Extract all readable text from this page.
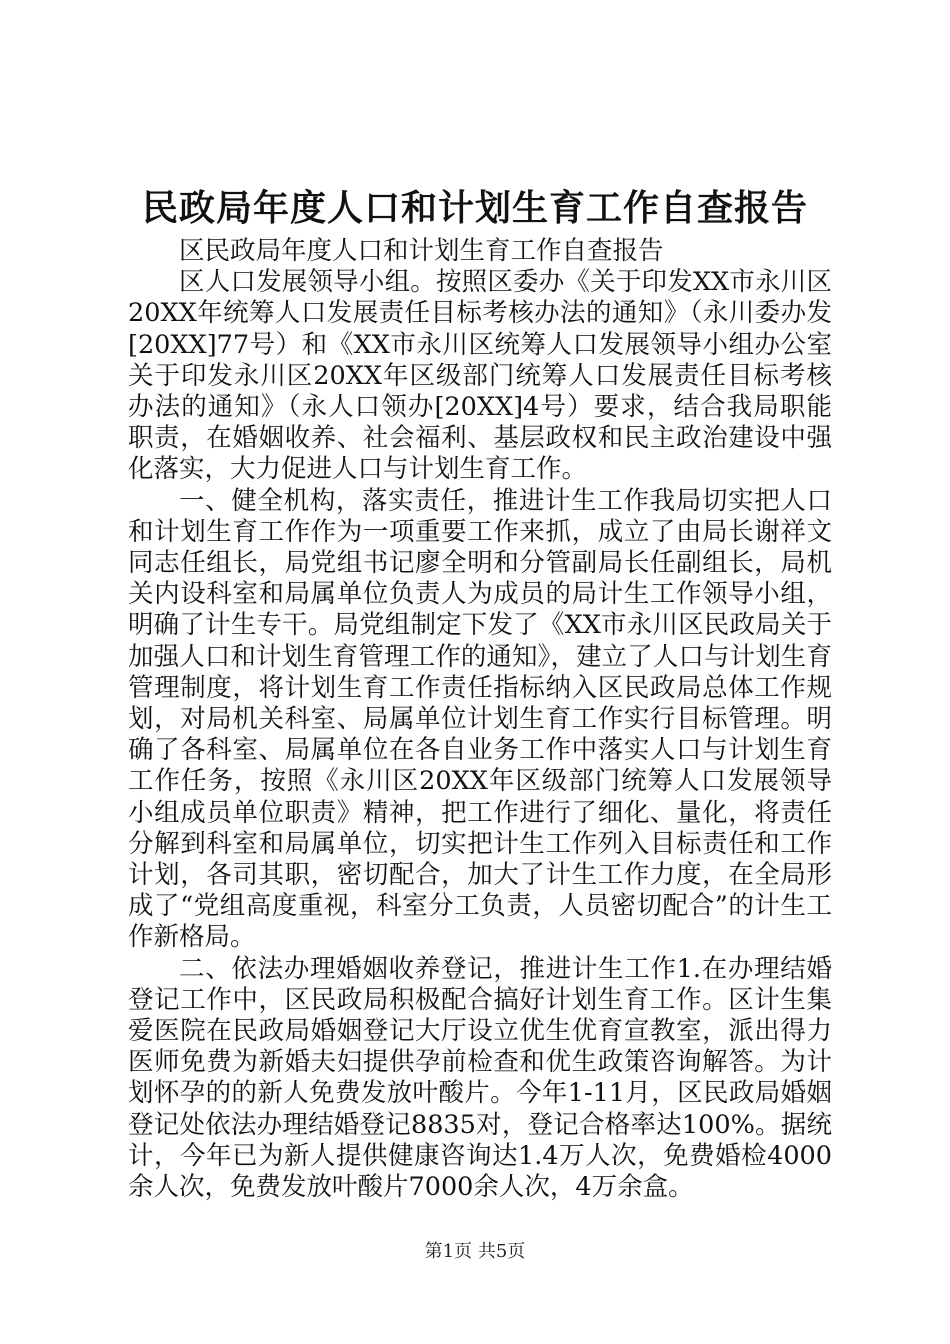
民政局年度人口和计划生育工作自查报告

区民政局年度人口和计划生育工作自查报告

区人口发展领导小组。按照区委办《关于印发XX市永川区20XX年统筹人口发展责任目标考核办法的通知》（永川委办发[20XX]77号）和《XX市永川区统筹人口发展领导小组办公室关于印发永川区20XX年区级部门统筹人口发展责任目标考核办法的通知》（永人口领办[20XX]4号）要求，结合我局职能职责，在婚姻收养、社会福利、基层政权和民主政治建设中强化落实，大力促进人口与计划生育工作。

一、健全机构，落实责任，推进计生工作我局切实把人口和计划生育工作作为一项重要工作来抓，成立了由局长谢祥文同志任组长，局党组书记廖全明和分管副局长任副组长，局机关内设科室和局属单位负责人为成员的局计生工作领导小组，明确了计生专干。局党组制定下发了《XX市永川区民政局关于加强人口和计划生育管理工作的通知》，建立了人口与计划生育管理制度，将计划生育工作责任指标纳入区民政局总体工作规划，对局机关科室、局属单位计划生育工作实行目标管理。明确了各科室、局属单位在各自业务工作中落实人口与计划生育工作任务，按照《永川区20XX年区级部门统筹人口发展领导小组成员单位职责》精神，把工作进行了细化、量化，将责任分解到科室和局属单位，切实把计生工作列入目标责任和工作计划，各司其职，密切配合，加大了计生工作力度，在全局形成了“党组高度重视，科室分工负责，人员密切配合”的计生工作新格局。

二、依法办理婚姻收养登记，推进计生工作1.在办理结婚登记工作中，区民政局积极配合搞好计划生育工作。区计生集爱医院在民政局婚姻登记大厅设立优生优育宣教室，派出得力医师免费为新婚夫妇提供孕前检查和优生政策咨询解答。为计划怀孕的的新人免费发放叶酸片。今年1-11月，区民政局婚姻登记处依法办理结婚登记8835对，登记合格率达100%。据统计，今年已为新人提供健康咨询达1.4万人次，免费婚检4000余人次，免费发放叶酸片7000余人次，4万余盒。

第1页 共5页
